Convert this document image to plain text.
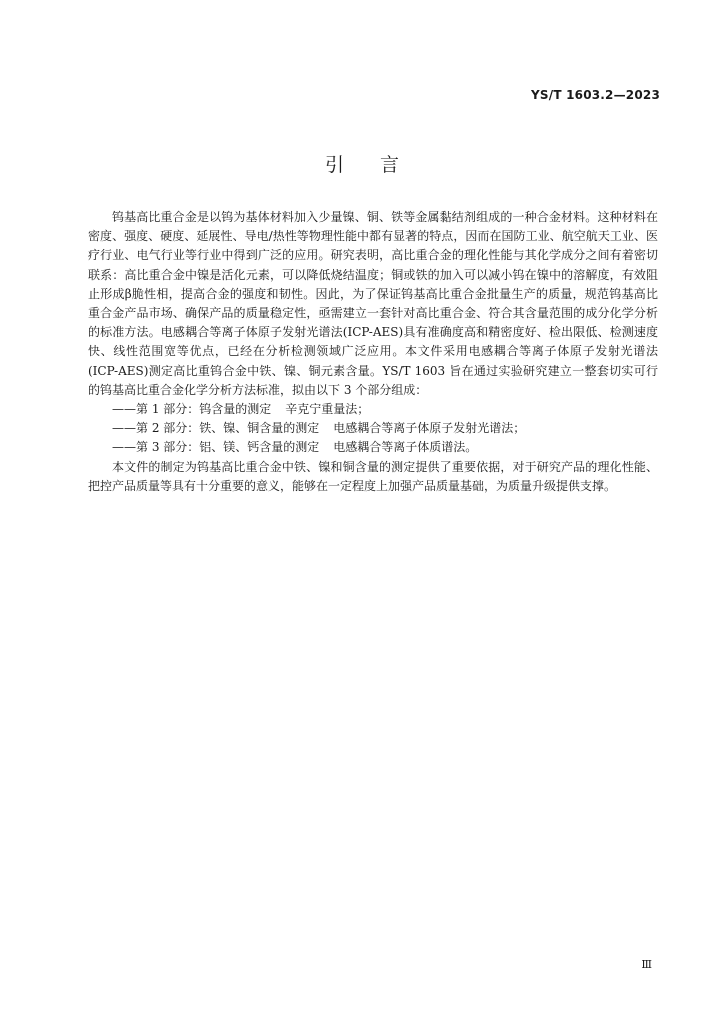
YS/T 1603.2—2023
引言

钨基高比重合金是以钨为基体材料加入少量镍、铜、铁等金属黏结剂组成的一种合金材料。这种材料在密度、强度、硬度、延展性、导电/热性等物理性能中都有显著的特点，因而在国防工业、航空航天工业、医疗行业、电气行业等行业中得到广泛的应用。研究表明，高比重合金的理化性能与其化学成分之间有着密切联系：高比重合金中镍是活化元素，可以降低烧结温度；铜或铁的加入可以减小钨在镍中的溶解度，有效阻止形成β脆性相，提高合金的强度和韧性。因此，为了保证钨基高比重合金批量生产的质量，规范钨基高比重合金产品市场、确保产品的质量稳定性，亟需建立一套针对高比重合金、符合其含量范围的成分化学分析的标准方法。电感耦合等离子体原子发射光谱法(ICP-AES)具有准确度高和精密度好、检出限低、检测速度快、线性范围宽等优点，已经在分析检测领域广泛应用。本文件采用电感耦合等离子体原子发射光谱法(ICP-AES)测定高比重钨合金中铁、镍、铜元素含量。YS/T 1603 旨在通过实验研究建立一整套切实可行的钨基高比重合金化学分析方法标准，拟由以下 3 个部分组成：

——第 1 部分：钨含量的测定 辛克宁重量法；

——第 2 部分：铁、镍、铜含量的测定 电感耦合等离子体原子发射光谱法；

——第 3 部分：铝、镁、钙含量的测定 电感耦合等离子体质谱法。

本文件的制定为钨基高比重合金中铁、镍和铜含量的测定提供了重要依据，对于研究产品的理化性能、把控产品质量等具有十分重要的意义，能够在一定程度上加强产品质量基础，为质量升级提供支撑。

Ⅲ
